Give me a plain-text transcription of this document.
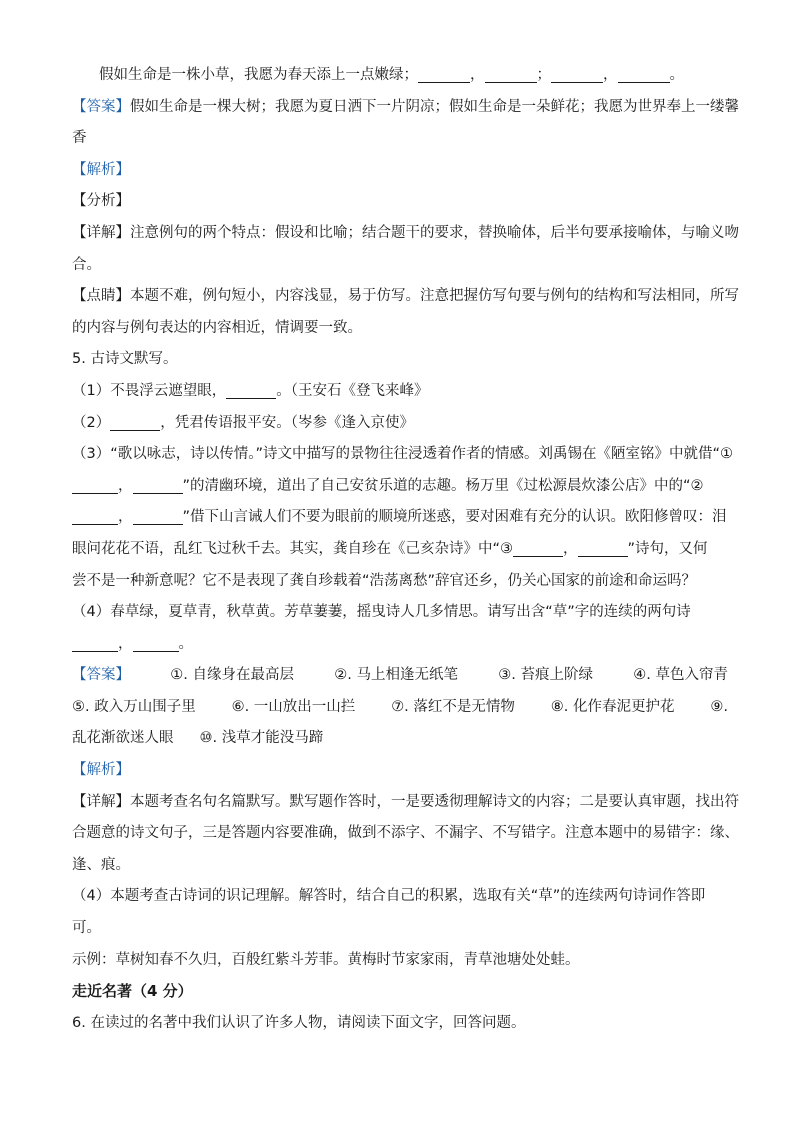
假如生命是一株小草，我愿为春天添上一点嫩绿；	，	；	，	。
【答案】假如生命是一棵大树；我愿为夏日洒下一片阴凉；假如生命是一朵鲜花；我愿为世界奉上一缕馨
香
【解析】
【分析】
【详解】注意例句的两个特点：假设和比喻；结合题干的要求，替换喻体，后半句要承接喻体，与喻义吻
合。
【点睛】本题不难，例句短小，内容浅显，易于仿写。注意把握仿写句要与例句的结构和写法相同，所写
的内容与例句表达的内容相近，情调要一致。
5. 古诗文默写。
（1）不畏浮云遮望眼，	。（王安石《登飞来峰》
（2）	，凭君传语报平安。（岑参《逢入京使》
（3）“歌以咏志，诗以传情。”诗文中描写的景物往往浸透着作者的情感。刘禹锡在《陋室铭》中就借“①
，	”的清幽环境，道出了自己安贫乐道的志趣。杨万里《过松源晨炊漆公店》中的“②
，	”借下山言诫人们不要为眼前的顺境所迷惑，要对困难有充分的认识。欧阳修曾叹：泪
眼问花花不语，乱红飞过秋千去。其实，龚自珍在《己亥杂诗》中“③	，	”诗句，又何
尝不是一种新意呢？它不是表现了龚自珍载着“浩荡离愁”辞官还乡，仍关心国家的前途和命运吗？
（4）春草绿，夏草青，秋草黄。芳草萋萋，摇曳诗人几多情思。请写出含“草”字的连续的两句诗
，	。
【答案】	①. 自缘身在最高层	②. 马上相逢无纸笔	③. 苔痕上阶绿	④. 草色入帘青
⑤. 政入万山围子里 ⑥. 一山放出一山拦 ⑦. 落红不是无情物 ⑧. 化作春泥更护花 ⑨.
乱花渐欲迷人眼 ⑩. 浅草才能没马蹄
【解析】
【详解】本题考查名句名篇默写。默写题作答时，一是要透彻理解诗文的内容；二是要认真审题，找出符
合题意的诗文句子，三是答题内容要准确，做到不添字、不漏字、不写错字。注意本题中的易错字：缘、
逢、痕。
（4）本题考查古诗词的识记理解。解答时，结合自己的积累，选取有关“草”的连续两句诗词作答即
可。
示例：草树知春不久归，百般红紫斗芳菲。黄梅时节家家雨，青草池塘处处蛙。
走近名著（4 分）
6. 在读过的名著中我们认识了许多人物，请阅读下面文字，回答问题。
